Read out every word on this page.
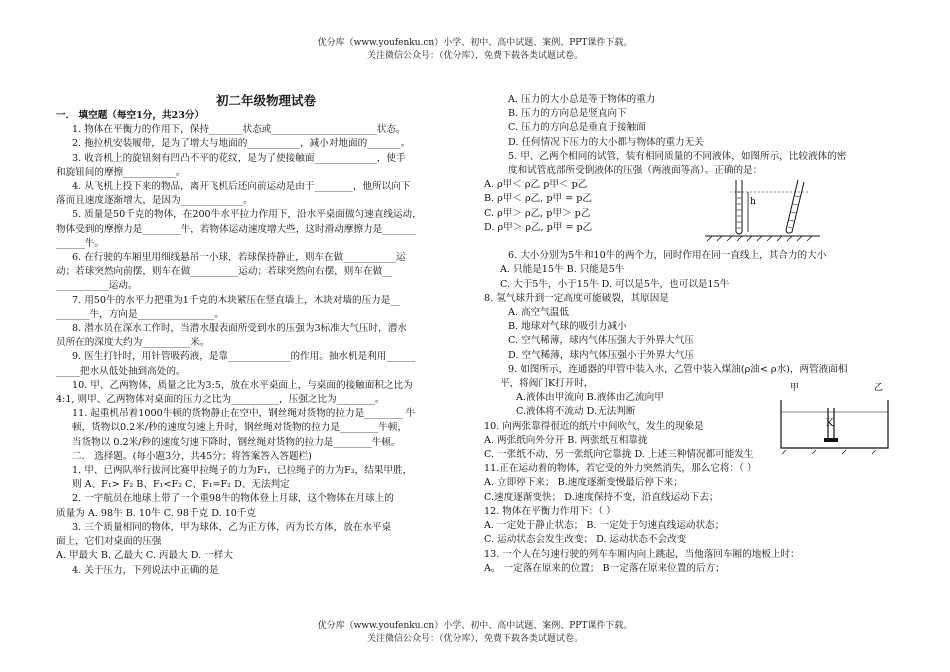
优分库（www.youfenku.cn）小学、初中、高中试题、案例、PPT课件下载。
关注微信公众号：（优分库），免费下载各类试题试卷。
优分库（www.youfenku.cn）小学、初中、高中试题、案例、PPT课件下载。
关注微信公众号：（优分库），免费下载各类试题试卷。

初二年级物理试卷

一． 填空题（每空1分，共23分）

1. 物体在平衡力的作用下，保持_______状态或______________________状态。

2. 拖拉机安装履带，是为了增大与地面的___________，减小对地面的_______。

3. 收音机上的旋钮刻有凹凸不平的花纹，是为了使接触面_____________，使手

和旋钮间的摩擦___________。

4. 从飞机上投下来的物品，离开飞机后还向前运动是由于________，他所以向下

落而且速度逐渐增大，是因为_____________。

5. 质量是50千克的物体，在200牛水平拉力作用下，沿水平桌面做匀速直线运动，

物体受到的摩擦力是________牛，若物体运动速度增大些，这时滑动摩擦力是_______

______牛。

6. 在行驶的车厢里用细线悬吊一小球，若球保持静止，则车在做___________运

动；若球突然向前摆，则车在做__________运动；若球突然向右摆，则车在做__

___________运动。

7. 用50牛的水平力把重为1千克的木块紧压在竖直墙上，木块对墙的压力是__

_______牛，方向是________________。

8. 潜水员在深水工作时，当潜水服表面所受到水的压强为3标准大气压时，潜水

员所在的深度大约为__________米。

9. 医生打针时，用针管吸药液，是靠_____________的作用。抽水机是利用______

_____把水从低处抽到高处的。

10. 甲、乙两物体，质量之比为3:5，放在水平桌面上，与桌面的接触面积之比为

4:1, 则甲、乙两物体对桌面的压力之比为__________，压强之比为________。

11. 起重机吊着1000牛顿的货物静止在空中，钢丝绳对货物的拉力是________ 牛

顿，货物以0.2米/秒的速度匀速上升时，钢丝绳对货物的拉力是________牛顿，

当货物以 0.2米/秒的速度匀速下降时，钢丝绳对货物的拉力是________牛顿。

二． 选择题。(每小题3分，共45分；将答案答入答题栏)

1. 甲、已两队举行拔河比赛甲拉绳子的力为F₁，已拉绳子的力为F₂，结果甲胜，

则 A、F₁> F₂ B、F₁<F₂ C、F₁=F₂ D、无法判定

2. 一宇航员在地球上带了一个重98牛的物体登上月球，这个物体在月球上的

质量为 A. 98牛 B. 10牛 C. 98千克 D. 10千克

3. 三个质量相同的物体，甲为球体，乙为正方体，丙为长方体，放在水平桌

面上，它们对桌面的压强

A. 甲最大 B. 乙最大 C. 丙最大 D. 一样大

4. 关于压力，下列说法中正确的是

A. 压力的大小总是等于物体的重力

B. 压力的方向总是竖直向下

C. 压力的方向总是垂直于接触面

D. 任何情况下压力的大小都与物体的重力无关

5. 甲、乙两个相同的试管，装有相同质量的不同液体，如图所示，比较液体的密

度和试管底部所受倒液体的压强（两液面等高）。正确的是：

A. ρ甲＜ ρ乙 p甲＜ p乙

B. ρ甲＜ ρ乙, p甲 = p乙

C. ρ甲＞ ρ乙, p甲＞ p乙

D. ρ甲＞ ρ乙, p甲 = p乙

6. 大小分别为5牛和10牛的两个力，同时作用在同一直线上，其合力的大小

A. 只能是15牛 B. 只能是5牛

C. 大于5牛，小于15牛 D. 可以是5牛，也可以是15牛

8. 氢气球升到一定高度可能破裂，其原因是

A. 高空气温低

B. 地球对气球的吸引力减小

C. 空气稀薄，球内气体压强大于外界大气压

D. 空气稀薄，球内气体压强小于外界大气压

9. 如图所示，连通器的甲管中装入水，乙管中装入煤油(ρ油< ρ水)，两管液面相

平，将阀门K打开时，

A.液体由甲流向 B.液体由乙流向甲

C.液体将不流动 D.无法判断

10. 向两张靠得很近的纸片中间吹气，发生的现象是

A. 两张纸向外分开 B. 两张纸互相靠拢

C. 一张纸不动，另一张纸向它靠拢 D. 上述三种情况都可能发生

11.正在运动着的物体，若它受的外力突然消失，那么它将：（ ）

A. 立即停下来； B.速度逐渐变慢最后停下来；

C.速度逐渐变快； D.速度保持不变，沿直线运动下去；

12. 物体在平衡力作用下：（ ）

A. 一定处于静止状态； B. 一定处于匀速直线运动状态；

C. 运动状态会发生改变； D. 运动状态不会改变

13. 一个人在匀速行驶的列车车厢内向上跳起，当他落回车厢的地板上时：

A。 一定落在原来的位置； B一定落在原来位置的后方；

h
甲	乙
K
